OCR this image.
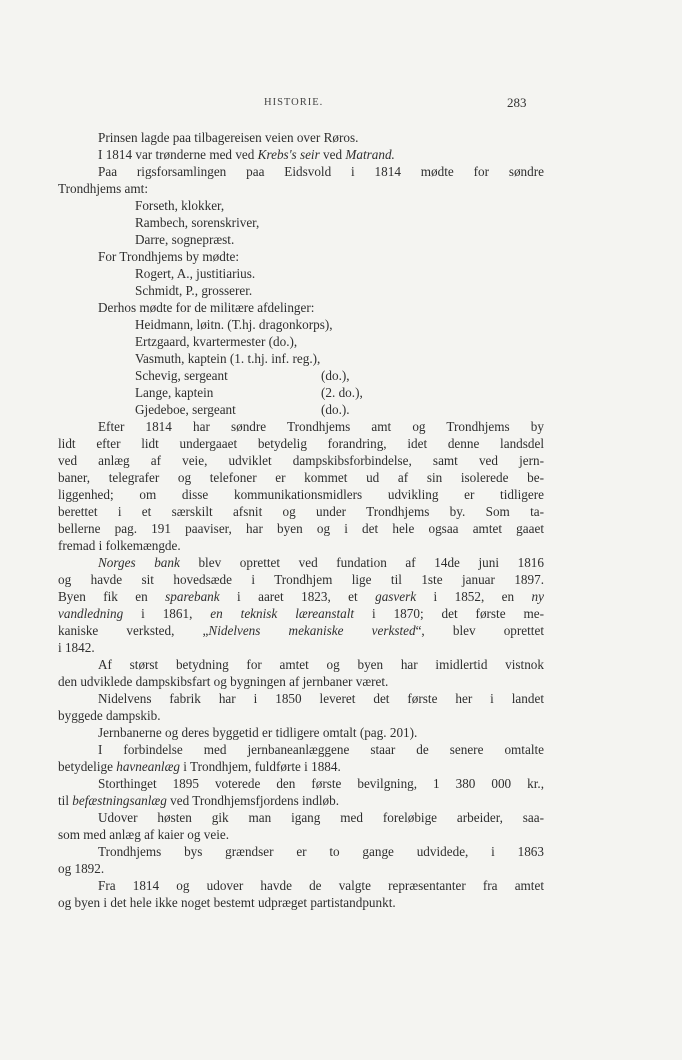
HISTORIE.	283
Prinsen lagde paa tilbagereisen veien over Røros.
I 1814 var trønderne med ved Krebs's seir ved Matrand.
Paa rigsforsamlingen paa Eidsvold i 1814 mødte for søndre
Trondhjems amt:
Forseth, klokker,
Rambech, sorenskriver,
Darre, sognepræst.
For Trondhjems by mødte:
Rogert, A., justitiarius.
Schmidt, P., grosserer.
Derhos mødte for de militære afdelinger:
Heidmann, løitn. (T.hj. dragonkorps),
Ertzgaard, kvartermester (do.),
Vasmuth, kaptein (1. t.hj. inf. reg.),
Schevig, sergeant	(do.),
Lange, kaptein	(2. do.),
Gjedeboe, sergeant	(do.).
Efter 1814 har søndre Trondhjems amt og Trondhjems by
lidt efter lidt undergaaet betydelig forandring, idet denne landsdel
ved anlæg af veie, udviklet dampskibsforbindelse, samt ved jern-
baner, telegrafer og telefoner er kommet ud af sin isolerede be-
liggenhed; om disse kommunikationsmidlers udvikling er tidligere
berettet i et særskilt afsnit og under Trondhjems by. Som ta-
bellerne pag. 191 paaviser, har byen og i det hele ogsaa amtet gaaet
fremad i folkemængde.
Norges bank blev oprettet ved fundation af 14de juni 1816
og havde sit hovedsæde i Trondhjem lige til 1ste januar 1897.
Byen fik en sparebank i aaret 1823, et gasverk i 1852, en ny
vandledning i 1861, en teknisk læreanstalt i 1870; det første me-
kaniske verksted, „Nidelvens mekaniske verksted“, blev oprettet
i 1842.
Af størst betydning for amtet og byen har imidlertid vistnok
den udviklede dampskibsfart og bygningen af jernbaner været.
Nidelvens fabrik har i 1850 leveret det første her i landet
byggede dampskib.
Jernbanerne og deres byggetid er tidligere omtalt (pag. 201).
I forbindelse med jernbaneanlæggene staar de senere omtalte
betydelige havneanlæg i Trondhjem, fuldførte i 1884.
Storthinget 1895 voterede den første bevilgning, 1 380 000 kr.,
til befæstningsanlæg ved Trondhjemsfjordens indløb.
Udover høsten gik man igang med foreløbige arbeider, saa-
som med anlæg af kaier og veie.
Trondhjems bys grændser er to gange udvidede, i 1863
og 1892.
Fra 1814 og udover havde de valgte repræsentanter fra amtet
og byen i det hele ikke noget bestemt udpræget partistandpunkt.
